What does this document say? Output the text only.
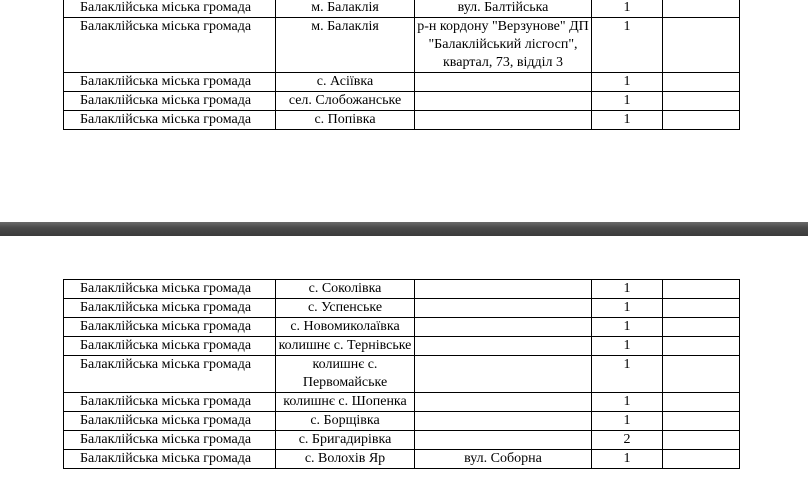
Балаклійська міська громада	м. Балаклія	вул. Балтійська	1	
Балаклійська міська громада	м. Балаклія	р-н кордону "Верзунове" ДП "Балаклійський лісгосп", квартал, 73, відділ 3	1	
Балаклійська міська громада	с. Асіївка		1	
Балаклійська міська громада	сел. Слобожанське		1	
Балаклійська міська громада	с. Попівка		1	
Балаклійська міська громада	с. Соколівка		1	
Балаклійська міська громада	с. Успенське		1	
Балаклійська міська громада	с. Новомиколаївка		1	
Балаклійська міська громада	колишнє с. Тернівське		1	
Балаклійська міська громада	колишнє с. Первомайське		1	
Балаклійська міська громада	колишнє с. Шопенка		1	
Балаклійська міська громада	с. Борщівка		1	
Балаклійська міська громада	с. Бригадирівка		2	
Балаклійська міська громада	с. Волохів Яр	вул. Соборна	1	
